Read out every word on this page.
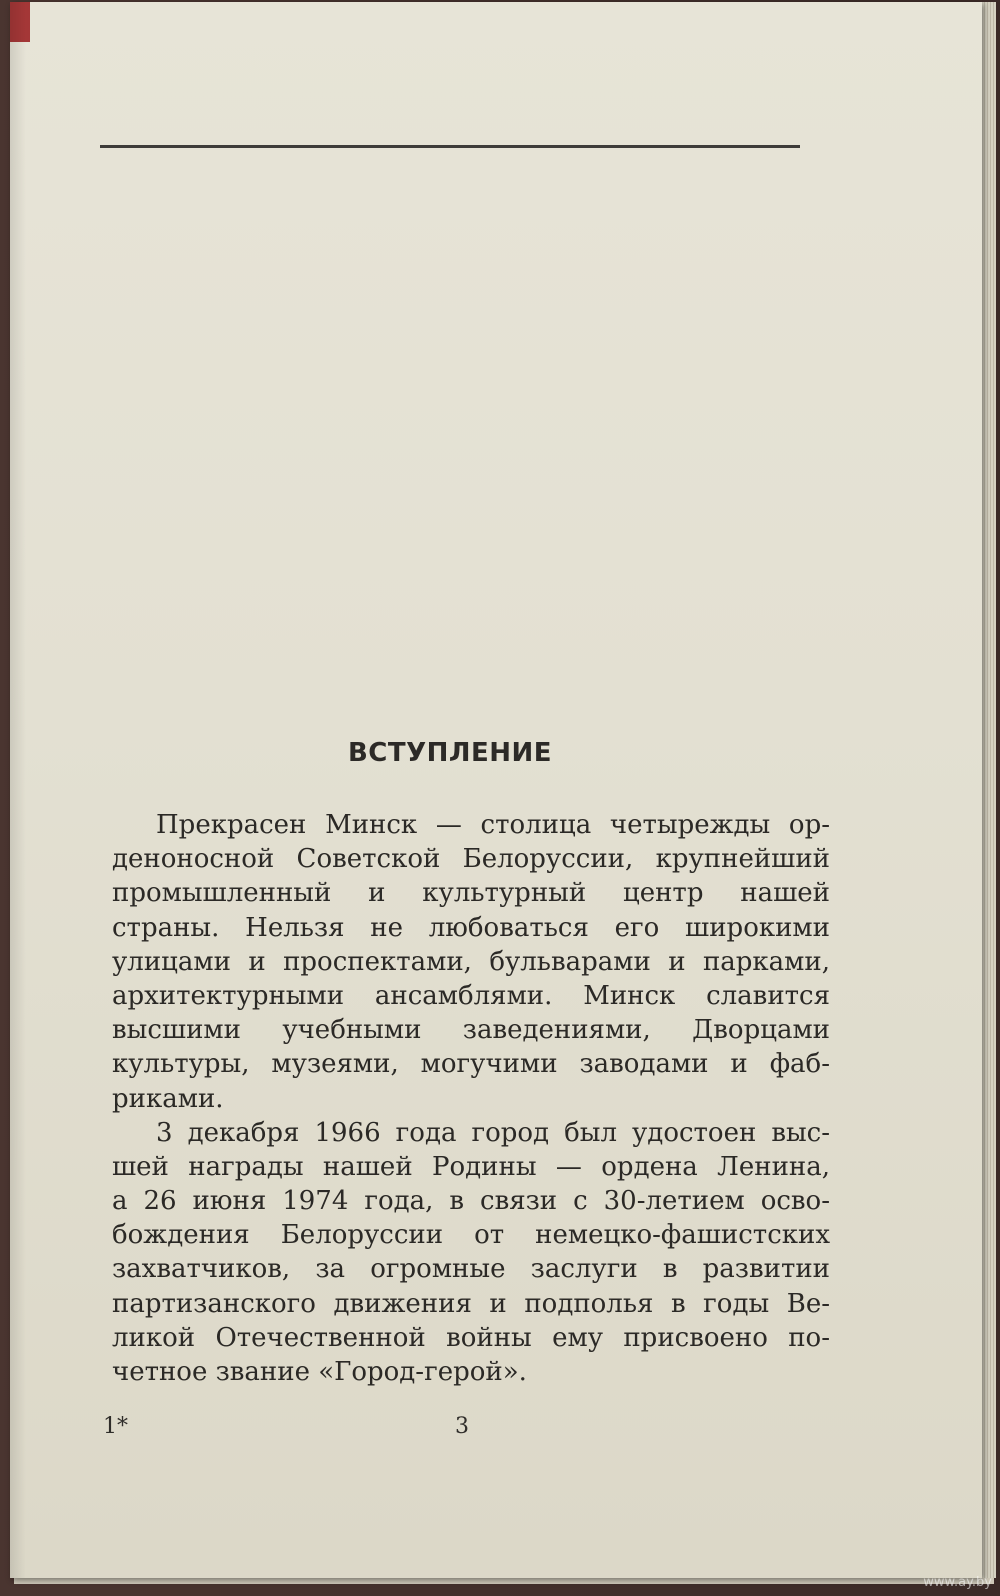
ВСТУПЛЕНИЕ
Прекрасен Минск — столица четырежды ор-
деноносной Советской Белоруссии, крупнейший
промышленный и культурный центр нашей
страны. Нельзя не любоваться его широкими
улицами и проспектами, бульварами и парками,
архитектурными ансамблями. Минск славится
высшими учебными заведениями, Дворцами
культуры, музеями, могучими заводами и фаб-
риками.
3 декабря 1966 года город был удостоен выс-
шей награды нашей Родины — ордена Ленина,
а 26 июня 1974 года, в связи с 30-летием осво-
бождения Белоруссии от немецко-фашистских
захватчиков, за огромные заслуги в развитии
партизанского движения и подполья в годы Ве-
ликой Отечественной войны ему присвоено по-
четное звание «Город-герой».
1*	3
www.ay.by
